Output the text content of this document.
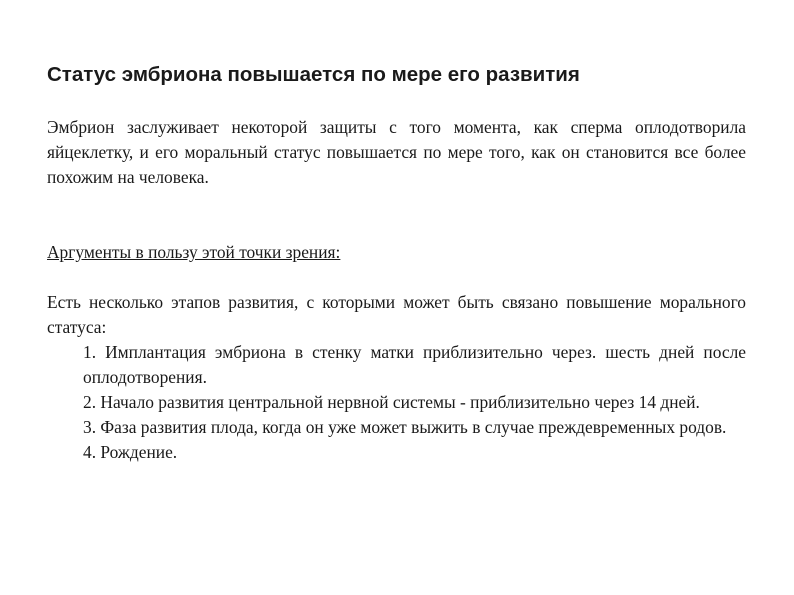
Статус эмбриона повышается по мере его развития

Эмбрион заслуживает некоторой защиты с того момента, как сперма оплодотворила яйцеклетку, и его моральный статус повышается по мере того, как он становится все более похожим на человека.

Аргументы в пользу этой точки зрения:

Есть несколько этапов развития, с которыми может быть связано повышение морального статуса:

1. Имплантация эмбриона в стенку матки приблизительно через. шесть дней после оплодотворения.
2. Начало развития центральной нервной системы - приблизительно через 14 дней.
3. Фаза развития плода, когда он уже может выжить в случае преждевременных родов.
4. Рождение.
